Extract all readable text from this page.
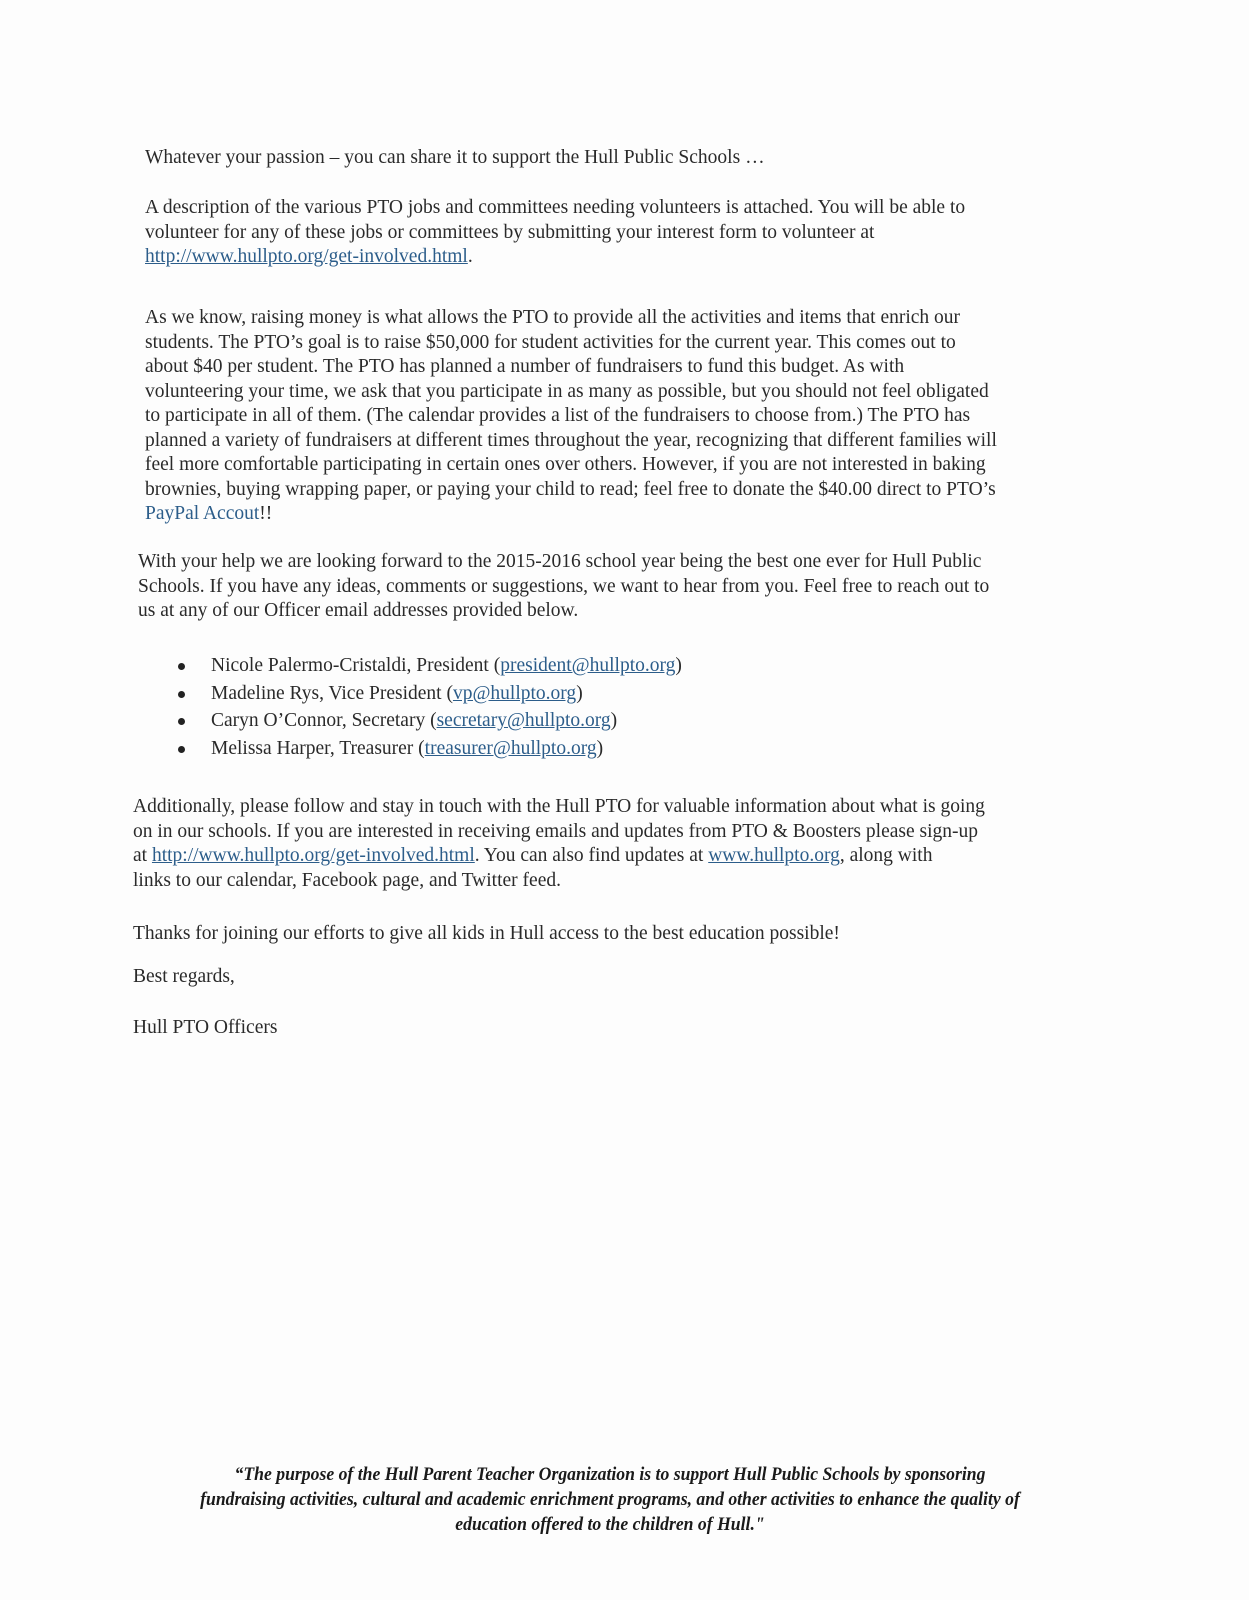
Whatever your passion – you can share it to support the Hull Public Schools …
A description of the various PTO jobs and committees needing volunteers is attached. You will be able to
volunteer for any of these jobs or committees by submitting your interest form to volunteer at
http://www.hullpto.org/get-involved.html.
As we know, raising money is what allows the PTO to provide all the activities and items that enrich our
students. The PTO’s goal is to raise $50,000 for student activities for the current year. This comes out to
about $40 per student. The PTO has planned a number of fundraisers to fund this budget. As with
volunteering your time, we ask that you participate in as many as possible, but you should not feel obligated
to participate in all of them. (The calendar provides a list of the fundraisers to choose from.) The PTO has
planned a variety of fundraisers at different times throughout the year, recognizing that different families will
feel more comfortable participating in certain ones over others. However, if you are not interested in baking
brownies, buying wrapping paper, or paying your child to read; feel free to donate the $40.00 direct to PTO’s
PayPal Accout!!
With your help we are looking forward to the 2015-2016 school year being the best one ever for Hull Public
Schools. If you have any ideas, comments or suggestions, we want to hear from you. Feel free to reach out to
us at any of our Officer email addresses provided below.
Nicole Palermo-Cristaldi, President (president@hullpto.org)
Madeline Rys, Vice President (vp@hullpto.org)
Caryn O’Connor, Secretary (secretary@hullpto.org)
Melissa Harper, Treasurer (treasurer@hullpto.org)
Additionally, please follow and stay in touch with the Hull PTO for valuable information about what is going
on in our schools. If you are interested in receiving emails and updates from PTO & Boosters please sign-up
at http://www.hullpto.org/get-involved.html. You can also find updates at www.hullpto.org, along with
links to our calendar, Facebook page, and Twitter feed.
Thanks for joining our efforts to give all kids in Hull access to the best education possible!
Best regards,
Hull PTO Officers
“The purpose of the Hull Parent Teacher Organization is to support Hull Public Schools by sponsoring
fundraising activities, cultural and academic enrichment programs, and other activities to enhance the quality of
education offered to the children of Hull."
